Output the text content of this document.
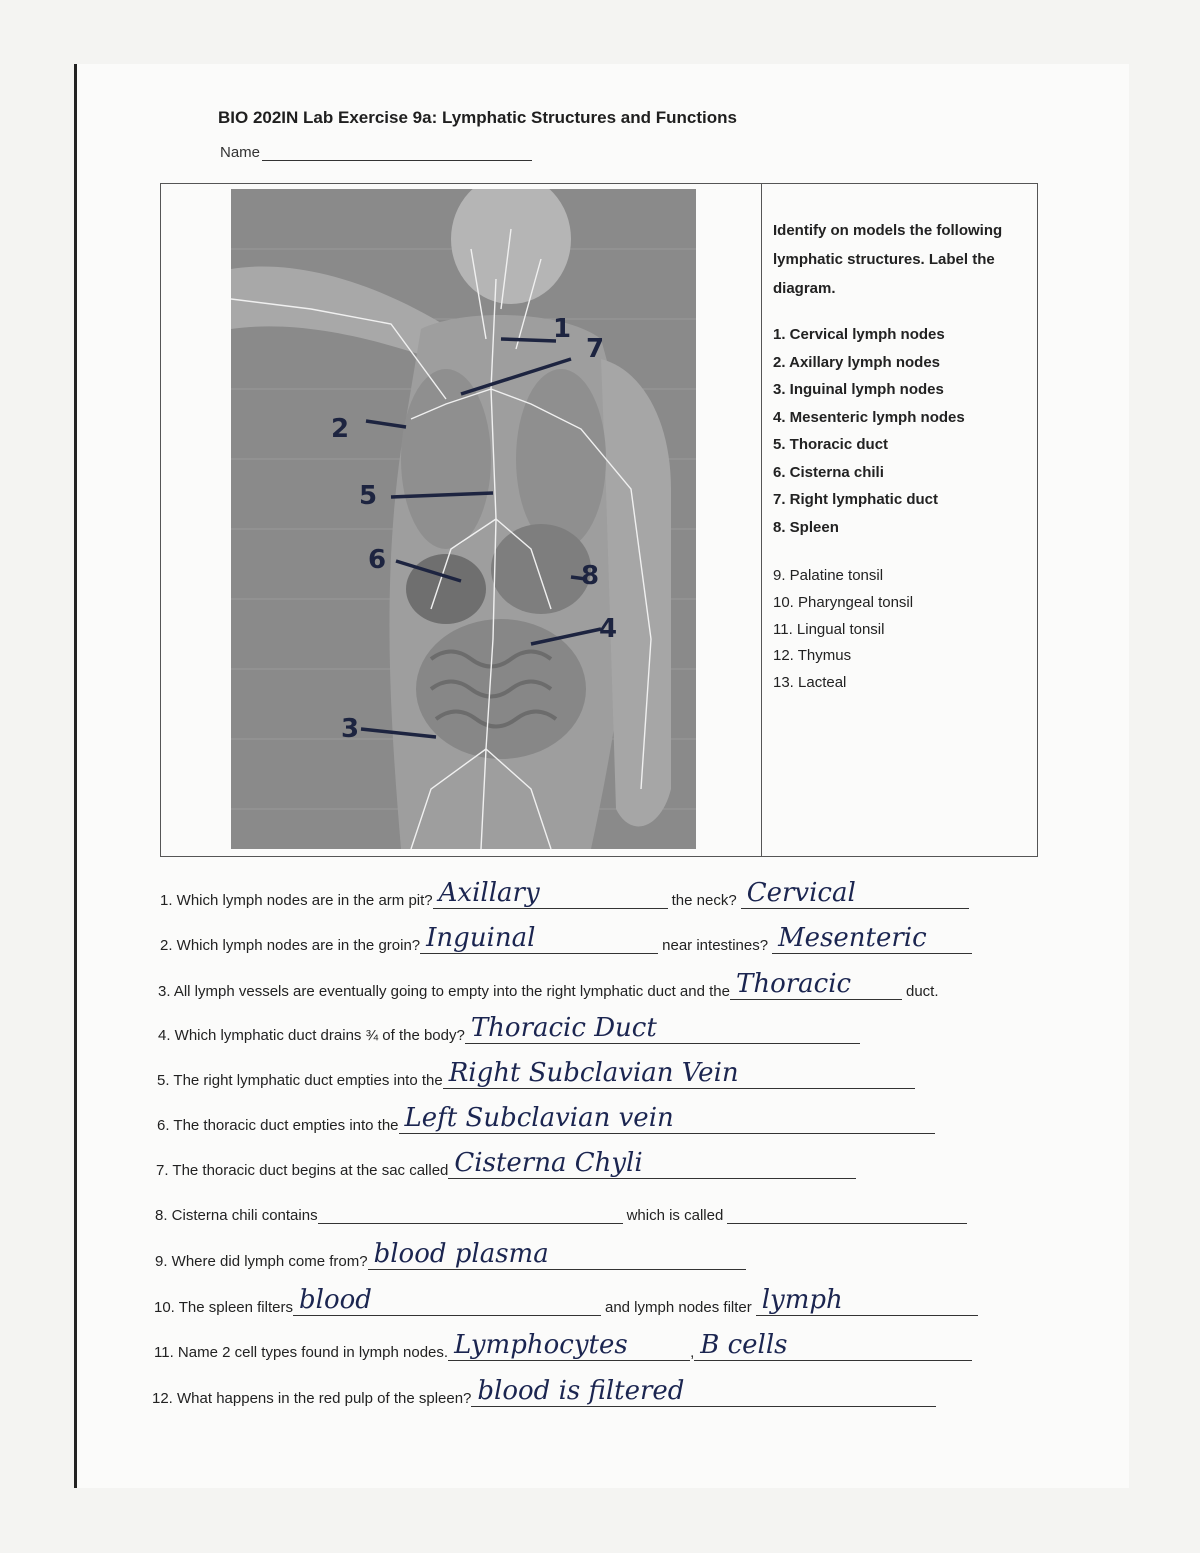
BIO 202IN Lab Exercise 9a: Lymphatic Structures and Functions
Name
1
7
2
5
6
8
4
3
Identify on models the following
lymphatic structures. Label the
diagram.
1. Cervical lymph nodes
2. Axillary lymph nodes
3. Inguinal lymph nodes
4. Mesenteric lymph nodes
5. Thoracic duct
6. Cisterna chili
7. Right lymphatic duct
8. Spleen
9. Palatine tonsil
10. Pharyngeal tonsil
11. Lingual tonsil
12. Thymus
13. Lacteal
1. Which lymph nodes are in the arm pit? Axillary	the neck? Cervical
2. Which lymph nodes are in the groin? Inguinal	near intestines? Mesenteric
3. All lymph vessels are eventually going to empty into the right lymphatic duct and the Thoracic	duct.
4. Which lymphatic duct drains ¾ of the body? Thoracic Duct
5. The right lymphatic duct empties into the Right Subclavian Vein
6. The thoracic duct empties into the Left Subclavian vein
7. The thoracic duct begins at the sac called Cisterna Chyli
8. Cisterna chili contains	which is called
9. Where did lymph come from? blood plasma
10. The spleen filters blood	and lymph nodes filter lymph
11. Name 2 cell types found in lymph nodes. Lymphocytes	, B cells
12. What happens in the red pulp of the spleen? blood is filtered
